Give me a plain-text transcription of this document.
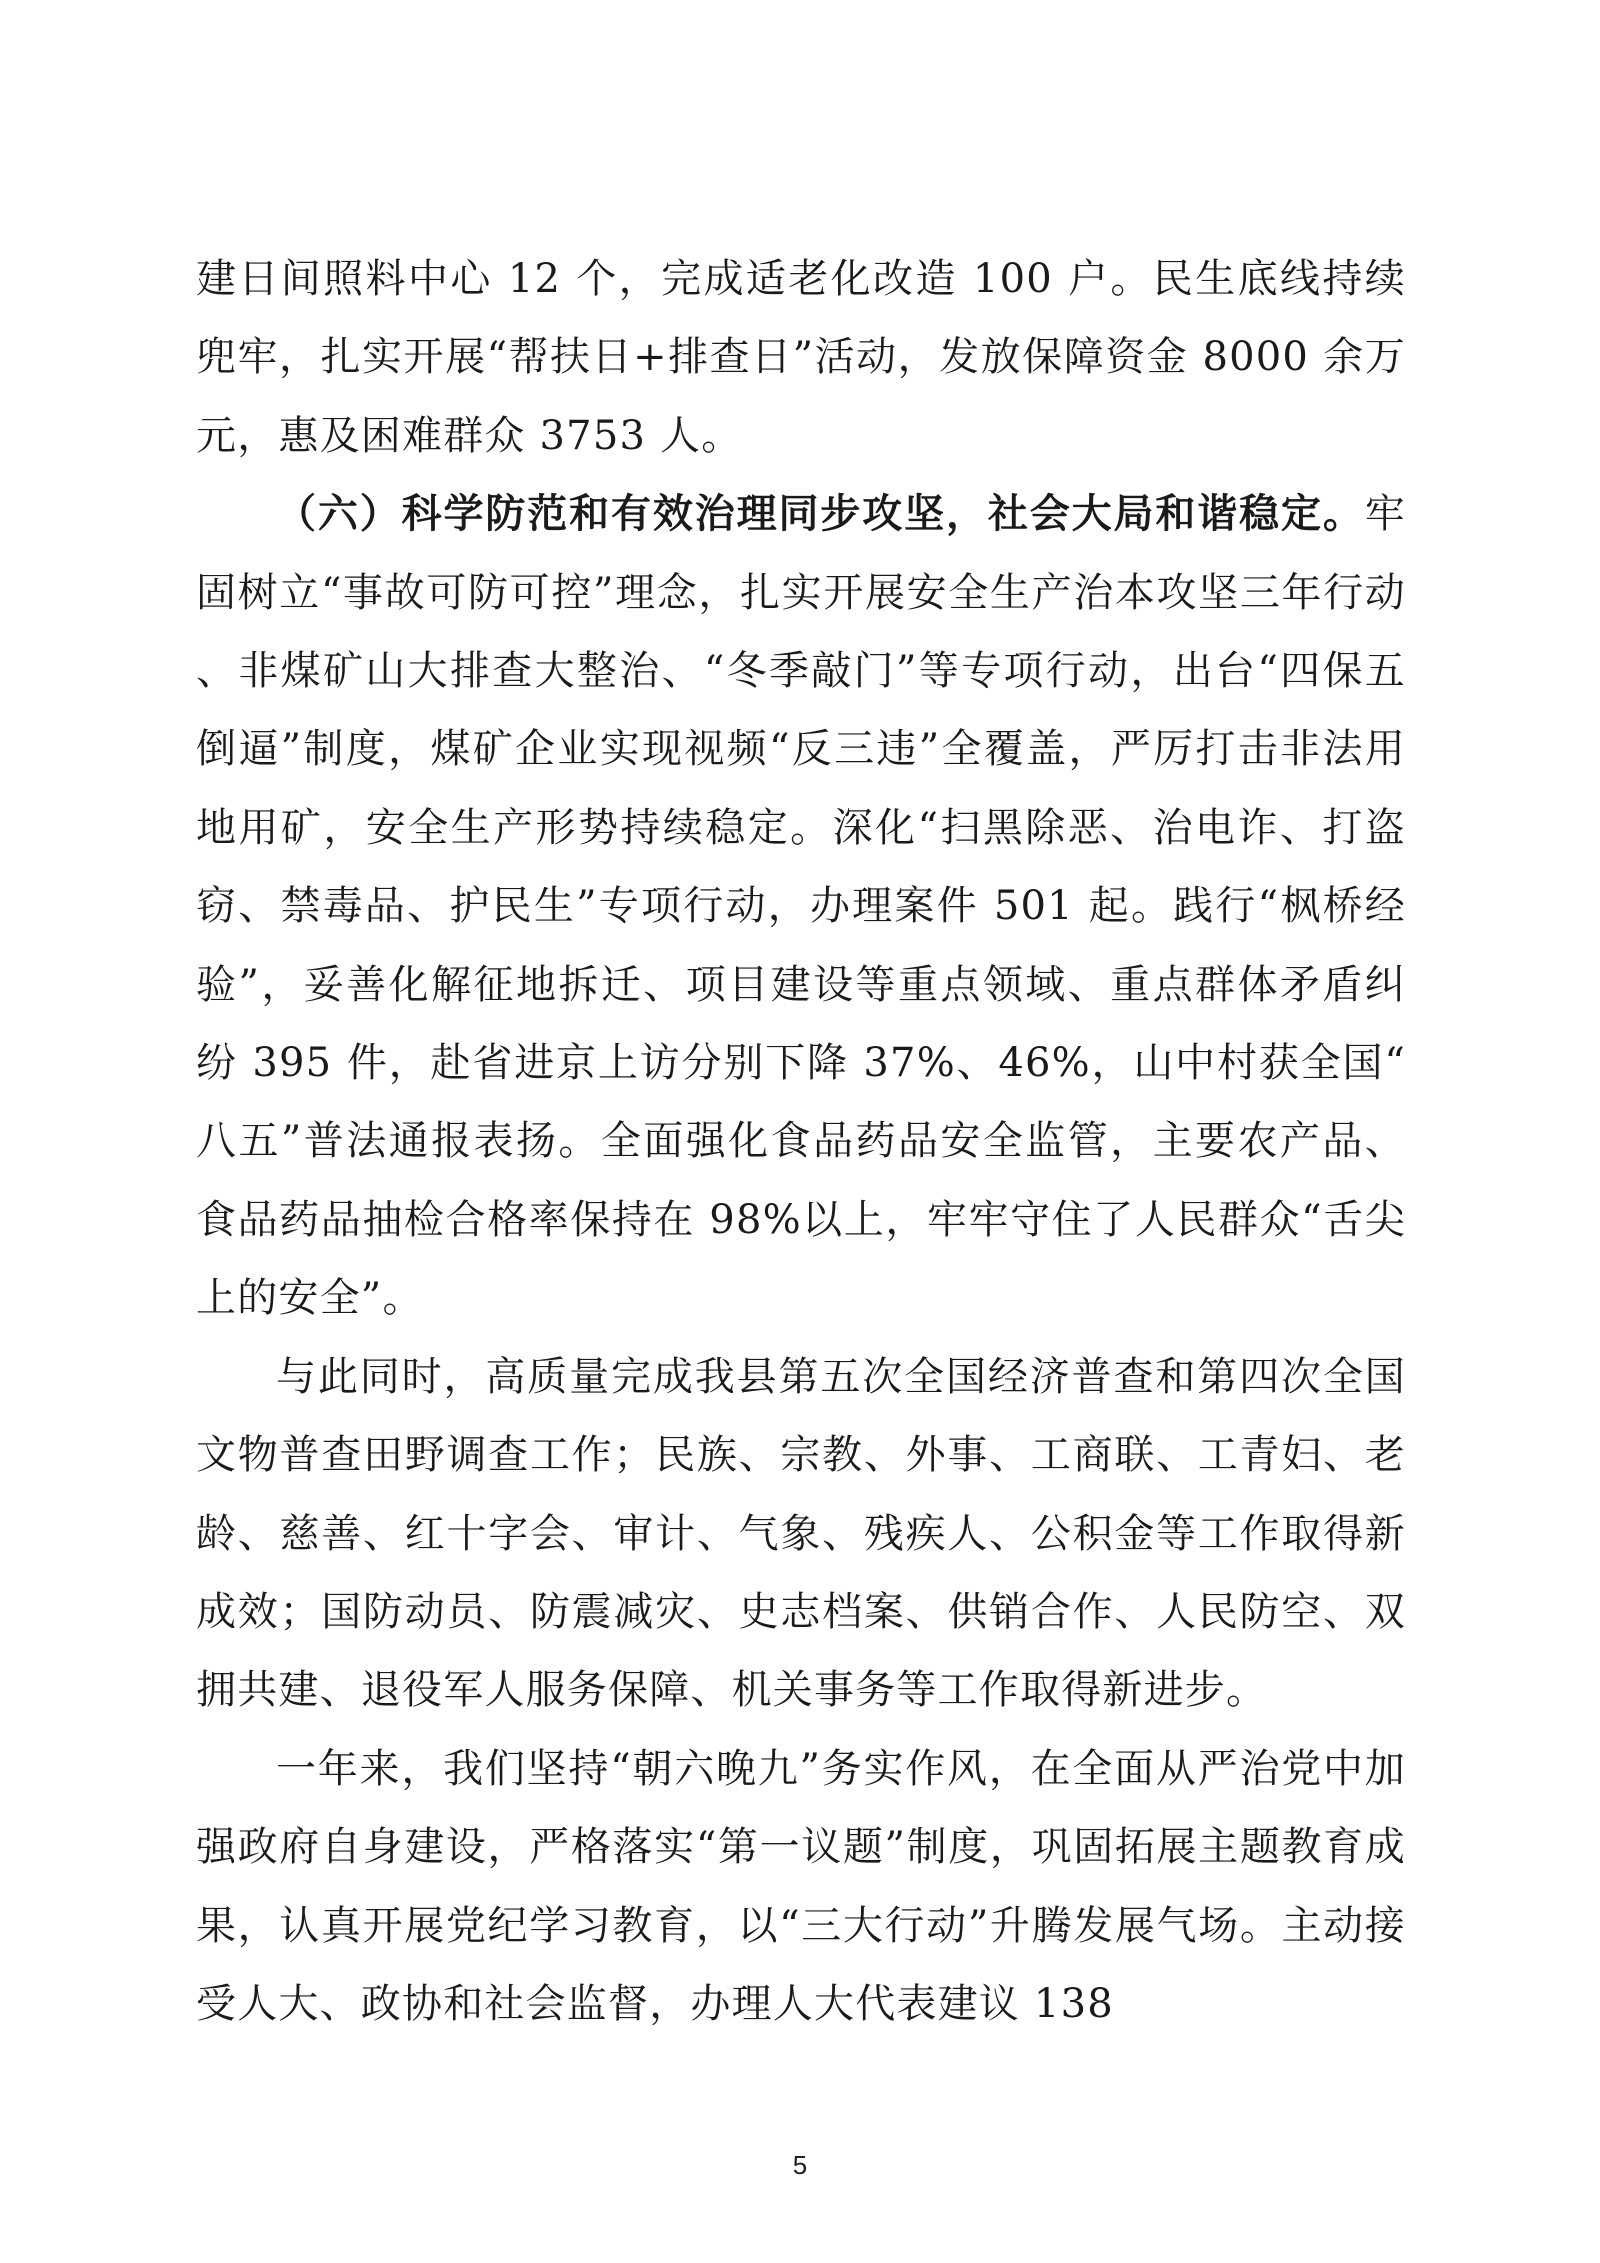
建日间照料中心 12 个，完成适老化改造 100 户。民生底线持续兜牢，扎实开展“帮扶日+排查日”活动，发放保障资金 8000 余万元，惠及困难群众 3753 人。

（六）科学防范和有效治理同步攻坚，社会大局和谐稳定。牢固树立“事故可防可控”理念，扎实开展安全生产治本攻坚三年行动、非煤矿山大排查大整治、“冬季敲门”等专项行动，出台“四保五倒逼”制度，煤矿企业实现视频“反三违”全覆盖，严厉打击非法用地用矿，安全生产形势持续稳定。深化“扫黑除恶、治电诈、打盗窃、禁毒品、护民生”专项行动，办理案件 501 起。践行“枫桥经验”，妥善化解征地拆迁、项目建设等重点领域、重点群体矛盾纠纷 395 件，赴省进京上访分别下降 37%、46%，山中村获全国“八五”普法通报表扬。全面强化食品药品安全监管，主要农产品、食品药品抽检合格率保持在 98%以上，牢牢守住了人民群众“舌尖上的安全”。

与此同时，高质量完成我县第五次全国经济普查和第四次全国文物普查田野调查工作；民族、宗教、外事、工商联、工青妇、老龄、慈善、红十字会、审计、气象、残疾人、公积金等工作取得新成效；国防动员、防震减灾、史志档案、供销合作、人民防空、双拥共建、退役军人服务保障、机关事务等工作取得新进步。

一年来，我们坚持“朝六晚九”务实作风，在全面从严治党中加强政府自身建设，严格落实“第一议题”制度，巩固拓展主题教育成果，认真开展党纪学习教育，以“三大行动”升腾发展气场。主动接受人大、政协和社会监督，办理人大代表建议 138

5
